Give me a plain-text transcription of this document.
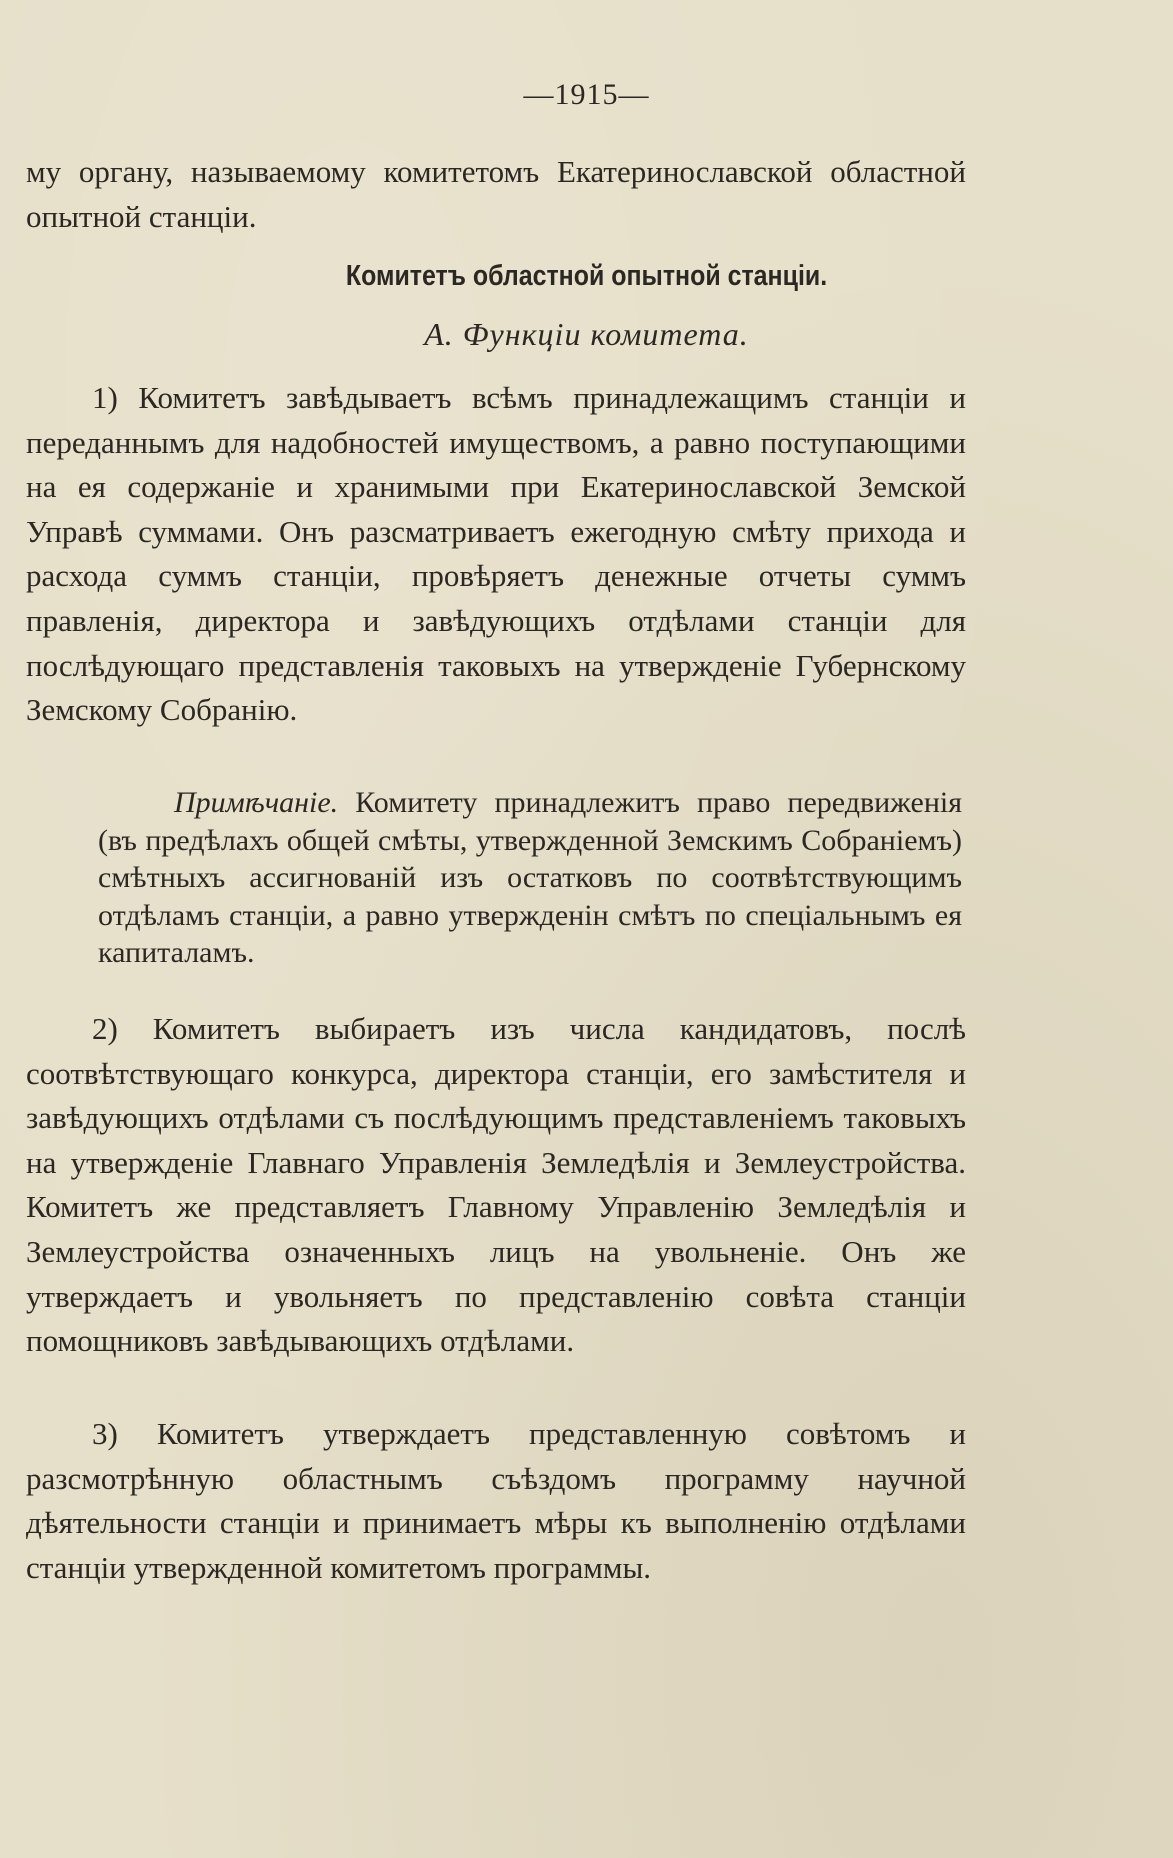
—1915—

му органу, называемому комитетомъ Екатеринославской областной опытной станціи.

Комитетъ областной опытной станціи.
А. Функціи комитета.

1) Комитетъ завѣдываетъ всѣмъ принадлежащимъ станціи и переданнымъ для надобностей имуществомъ, а равно поступающими на ея содержаніе и хранимыми при Екатеринославской Земской Управѣ суммами. Онъ разсматриваетъ ежегодную смѣту прихода и расхода суммъ станціи, провѣряетъ денежные отчеты суммъ правленія, директора и завѣдующихъ отдѣлами станціи для послѣдующаго представленія таковыхъ на утвержденіе Губернскому Земскому Собранію.

Примѣчаніе. Комитету принадлежитъ право передвиженія (въ предѣлахъ общей смѣты, утвержденной Земскимъ Собраніемъ) смѣтныхъ ассигнованій изъ остатковъ по соотвѣтствующимъ отдѣламъ станціи, а равно утвержденін смѣтъ по спеціальнымъ ея капиталамъ.

2) Комитетъ выбираетъ изъ числа кандидатовъ, послѣ соотвѣтствующаго конкурса, директора станціи, его замѣстителя и завѣдующихъ отдѣлами съ послѣдующимъ представленіемъ таковыхъ на утвержденіе Главнаго Управленія Земледѣлія и Землеустройства. Комитетъ же представляетъ Главному Управленію Земледѣлія и Землеустройства означенныхъ лицъ на увольненіе. Онъ же утверждаетъ и увольняетъ по представленію совѣта станціи помощниковъ завѣдывающихъ отдѣлами.

3) Комитетъ утверждаетъ представленную совѣтомъ и разсмотрѣнную областнымъ съѣздомъ программу научной дѣятельности станціи и принимаетъ мѣры къ выполненію отдѣлами станціи утвержденной комитетомъ программы.
